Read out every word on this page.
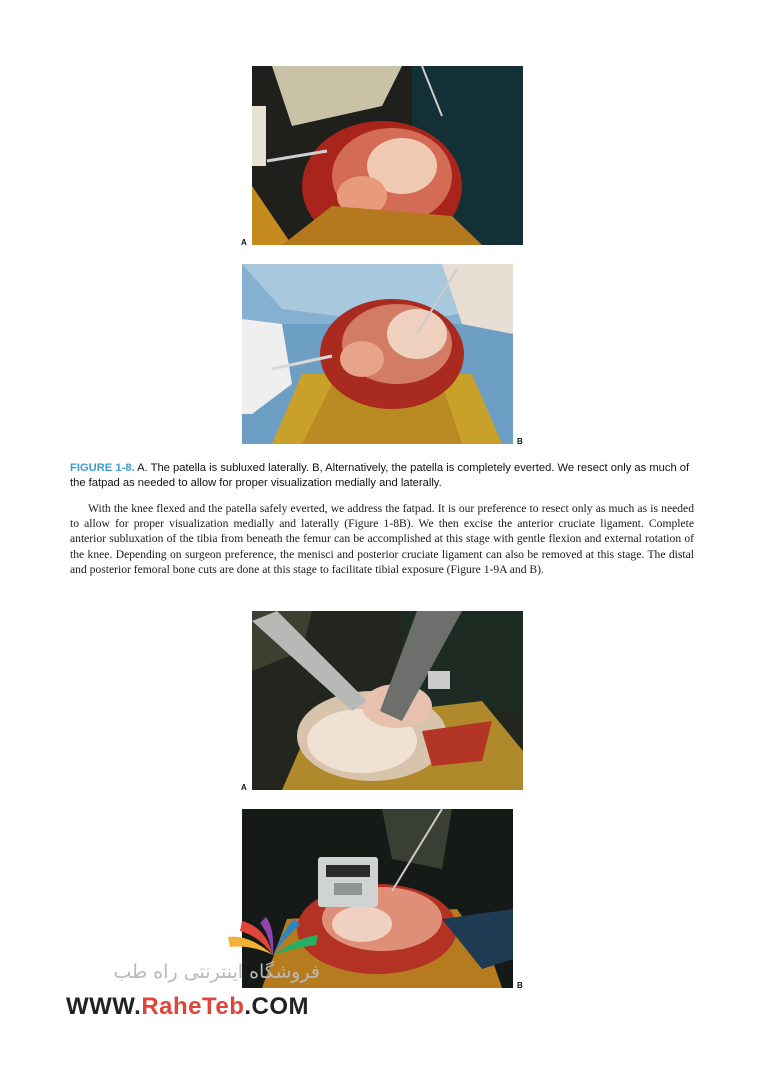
A
B
FIGURE 1-8. A. The patella is subluxed laterally. B, Alternatively, the patella is completely everted. We resect only as much of the fatpad as needed to allow for proper visualization medially and laterally.

With the knee flexed and the patella safely everted, we address the fatpad. It is our preference to resect only as much as is needed to allow for proper visualization medially and laterally (Figure 1-8B). We then excise the anterior cruciate ligament. Complete anterior subluxation of the tibia from beneath the femur can be accomplished at this stage with gentle flexion and external rotation of the knee. Depending on surgeon preference, the menisci and posterior cruciate ligament can also be removed at this stage. The distal and posterior femoral bone cuts are done at this stage to facilitate tibial exposure (Figure 1-9A and B).

A
B
فروشگاه اینترنتی راه طب
WWW.RaheTeb.COM
